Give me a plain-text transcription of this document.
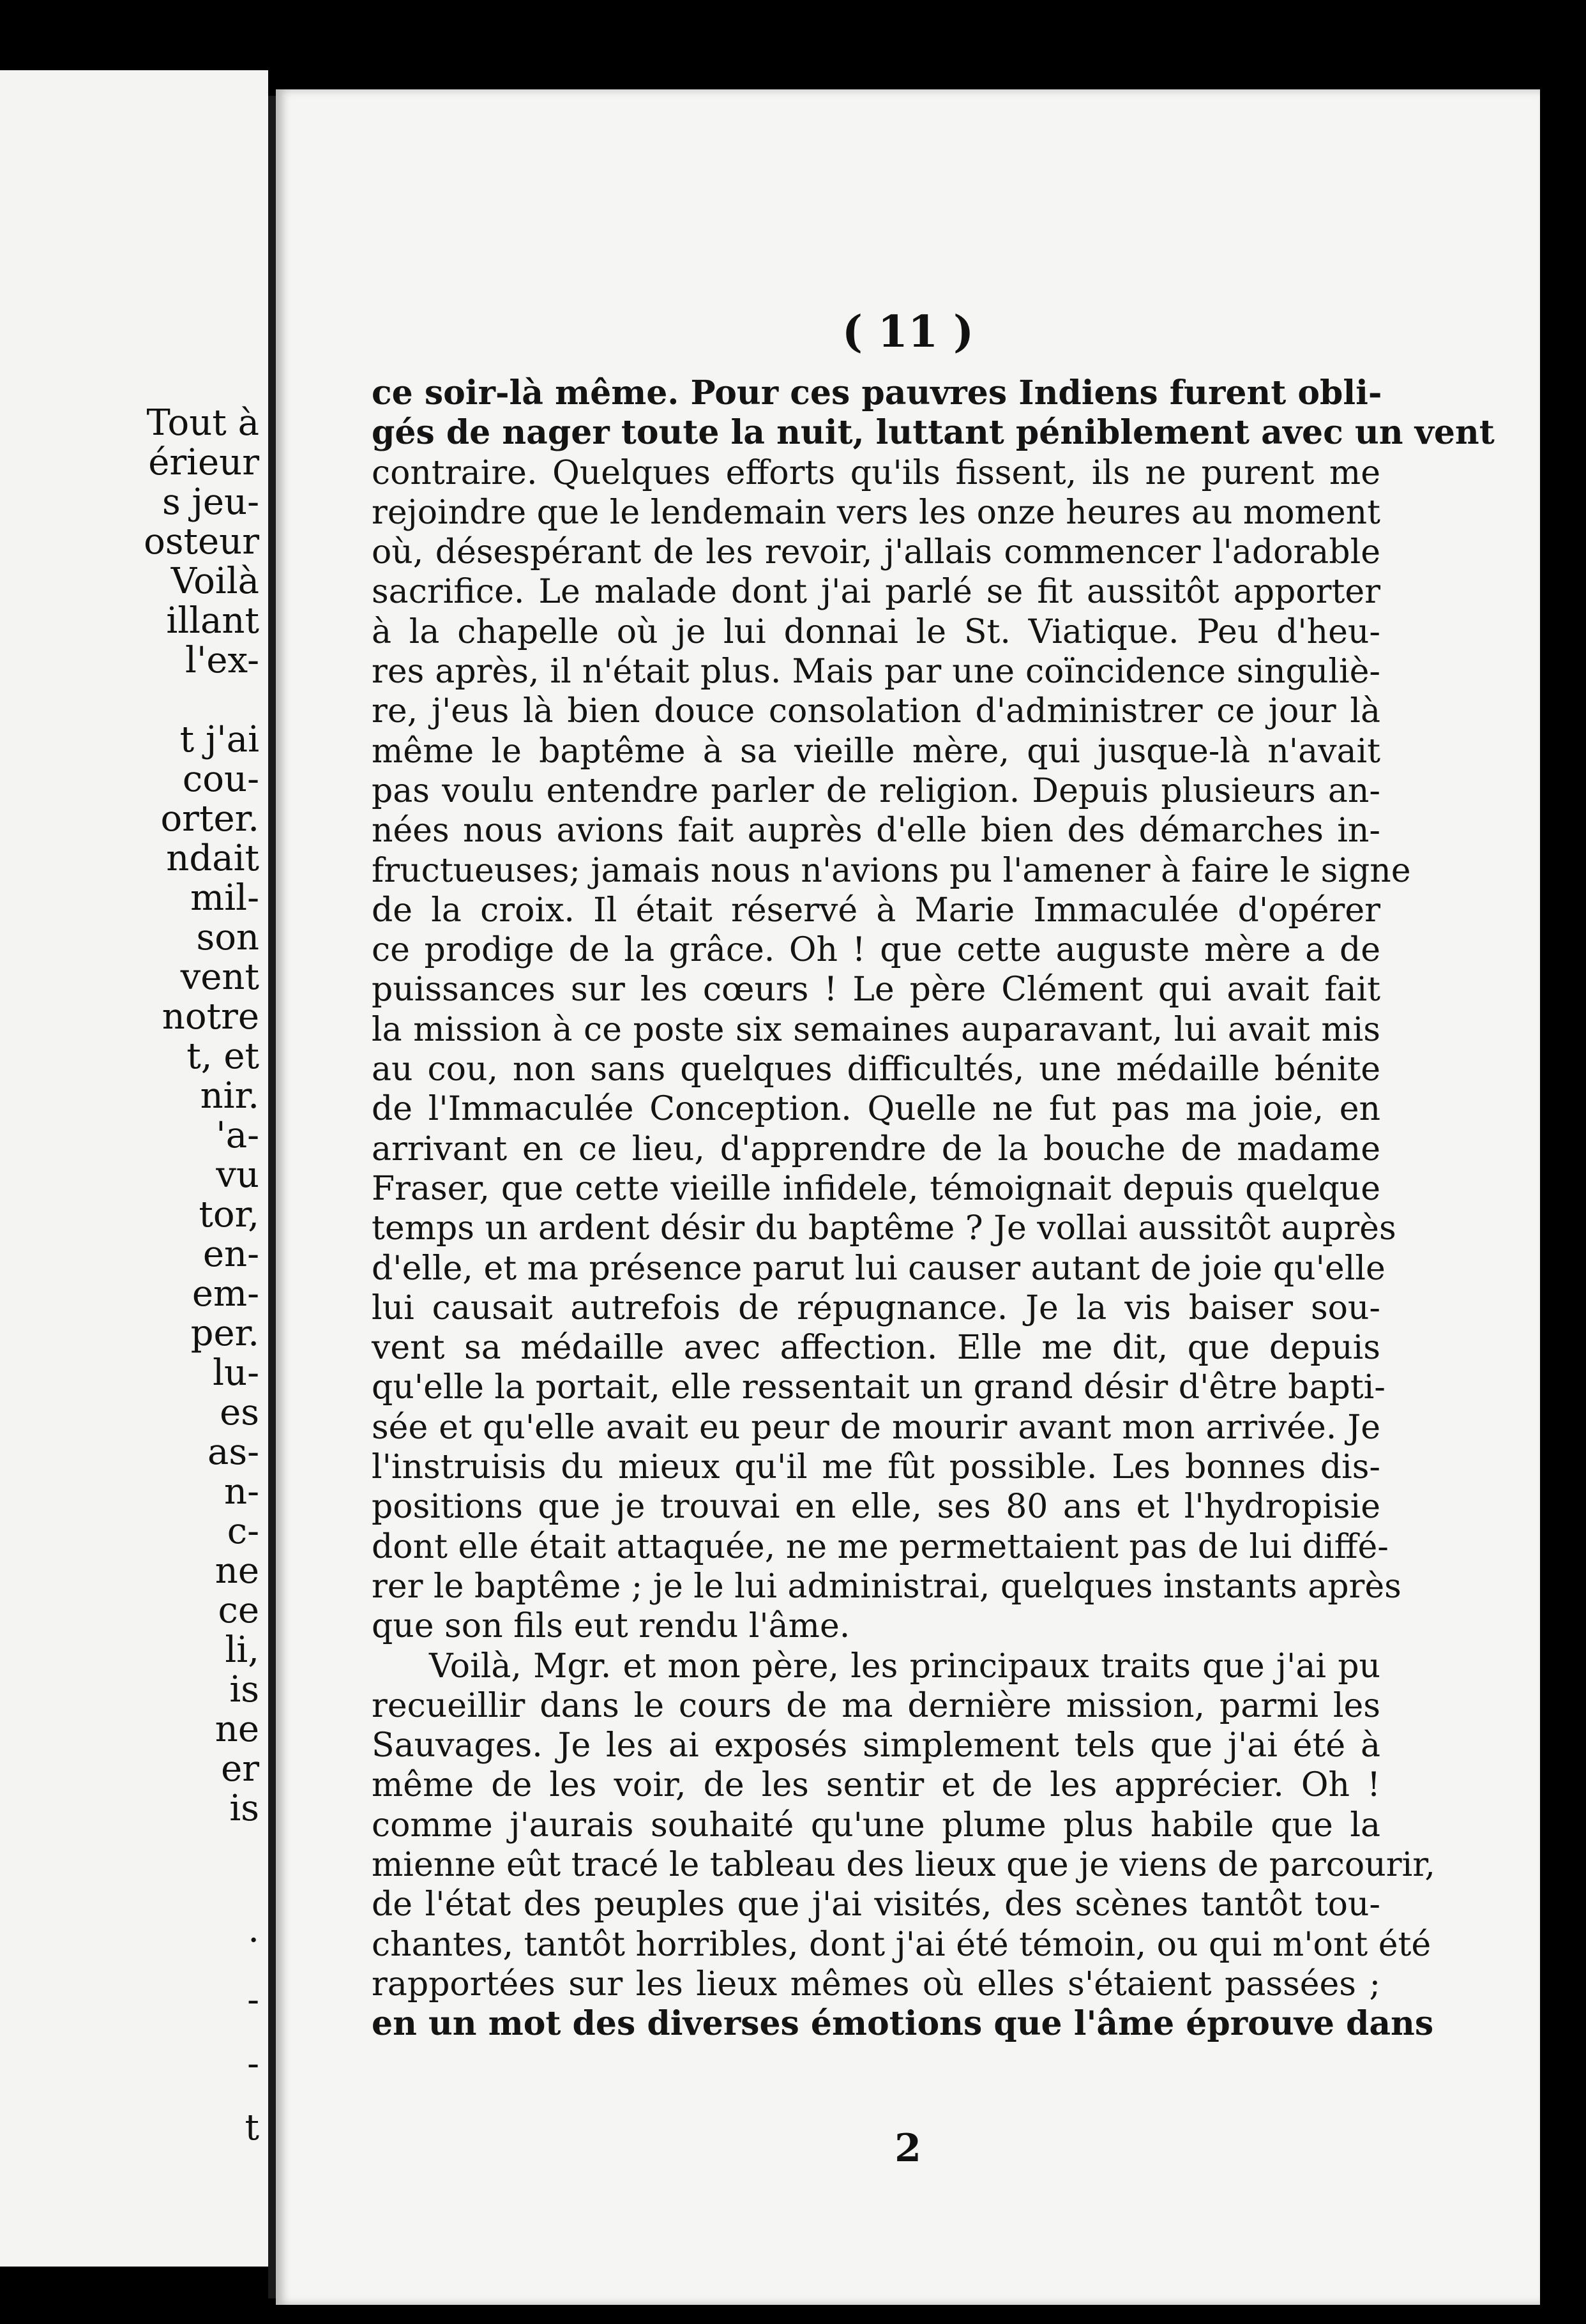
Tout à
érieur
s jeu-
osteur
Voilà
illant
l'ex-
t j'ai
cou-
orter.
ndait
mil-
son
vent
notre
t, et
nir.
'a-
vu
tor,
en-
em-
per.
lu-
es
as-
n-
c-
ne
ce
li,
is
ne
er
is
.
-
-
t
( 11 )
ce soir-là même. Pour ces pauvres Indiens furent obli-
gés de nager toute la nuit, luttant péniblement avec un vent
contraire. Quelques efforts qu'ils fissent, ils ne purent me
rejoindre que le lendemain vers les onze heures au moment
où, désespérant de les revoir, j'allais commencer l'adorable
sacrifice. Le malade dont j'ai parlé se fit aussitôt apporter
à la chapelle où je lui donnai le St. Viatique. Peu d'heu-
res après, il n'était plus. Mais par une coïncidence singuliè-
re, j'eus là bien douce consolation d'administrer ce jour là
même le baptême à sa vieille mère, qui jusque-là n'avait
pas voulu entendre parler de religion. Depuis plusieurs an-
nées nous avions fait auprès d'elle bien des démarches in-
fructueuses; jamais nous n'avions pu l'amener à faire le signe
de la croix. Il était réservé à Marie Immaculée d'opérer
ce prodige de la grâce. Oh ! que cette auguste mère a de
puissances sur les cœurs ! Le père Clément qui avait fait
la mission à ce poste six semaines auparavant, lui avait mis
au cou, non sans quelques difficultés, une médaille bénite
de l'Immaculée Conception. Quelle ne fut pas ma joie, en
arrivant en ce lieu, d'apprendre de la bouche de madame
Fraser, que cette vieille infidele, témoignait depuis quelque
temps un ardent désir du baptême ? Je vollai aussitôt auprès
d'elle, et ma présence parut lui causer autant de joie qu'elle
lui causait autrefois de répugnance. Je la vis baiser sou-
vent sa médaille avec affection. Elle me dit, que depuis
qu'elle la portait, elle ressentait un grand désir d'être bapti-
sée et qu'elle avait eu peur de mourir avant mon arrivée. Je
l'instruisis du mieux qu'il me fût possible. Les bonnes dis-
positions que je trouvai en elle, ses 80 ans et l'hydropisie
dont elle était attaquée, ne me permettaient pas de lui diffé-
rer le baptême ; je le lui administrai, quelques instants après
que son fils eut rendu l'âme.
Voilà, Mgr. et mon père, les principaux traits que j'ai pu
recueillir dans le cours de ma dernière mission, parmi les
Sauvages. Je les ai exposés simplement tels que j'ai été à
même de les voir, de les sentir et de les apprécier. Oh !
comme j'aurais souhaité qu'une plume plus habile que la
mienne eût tracé le tableau des lieux que je viens de parcourir,
de l'état des peuples que j'ai visités, des scènes tantôt tou-
chantes, tantôt horribles, dont j'ai été témoin, ou qui m'ont été
rapportées sur les lieux mêmes où elles s'étaient passées ;
en un mot des diverses émotions que l'âme éprouve dans
2
